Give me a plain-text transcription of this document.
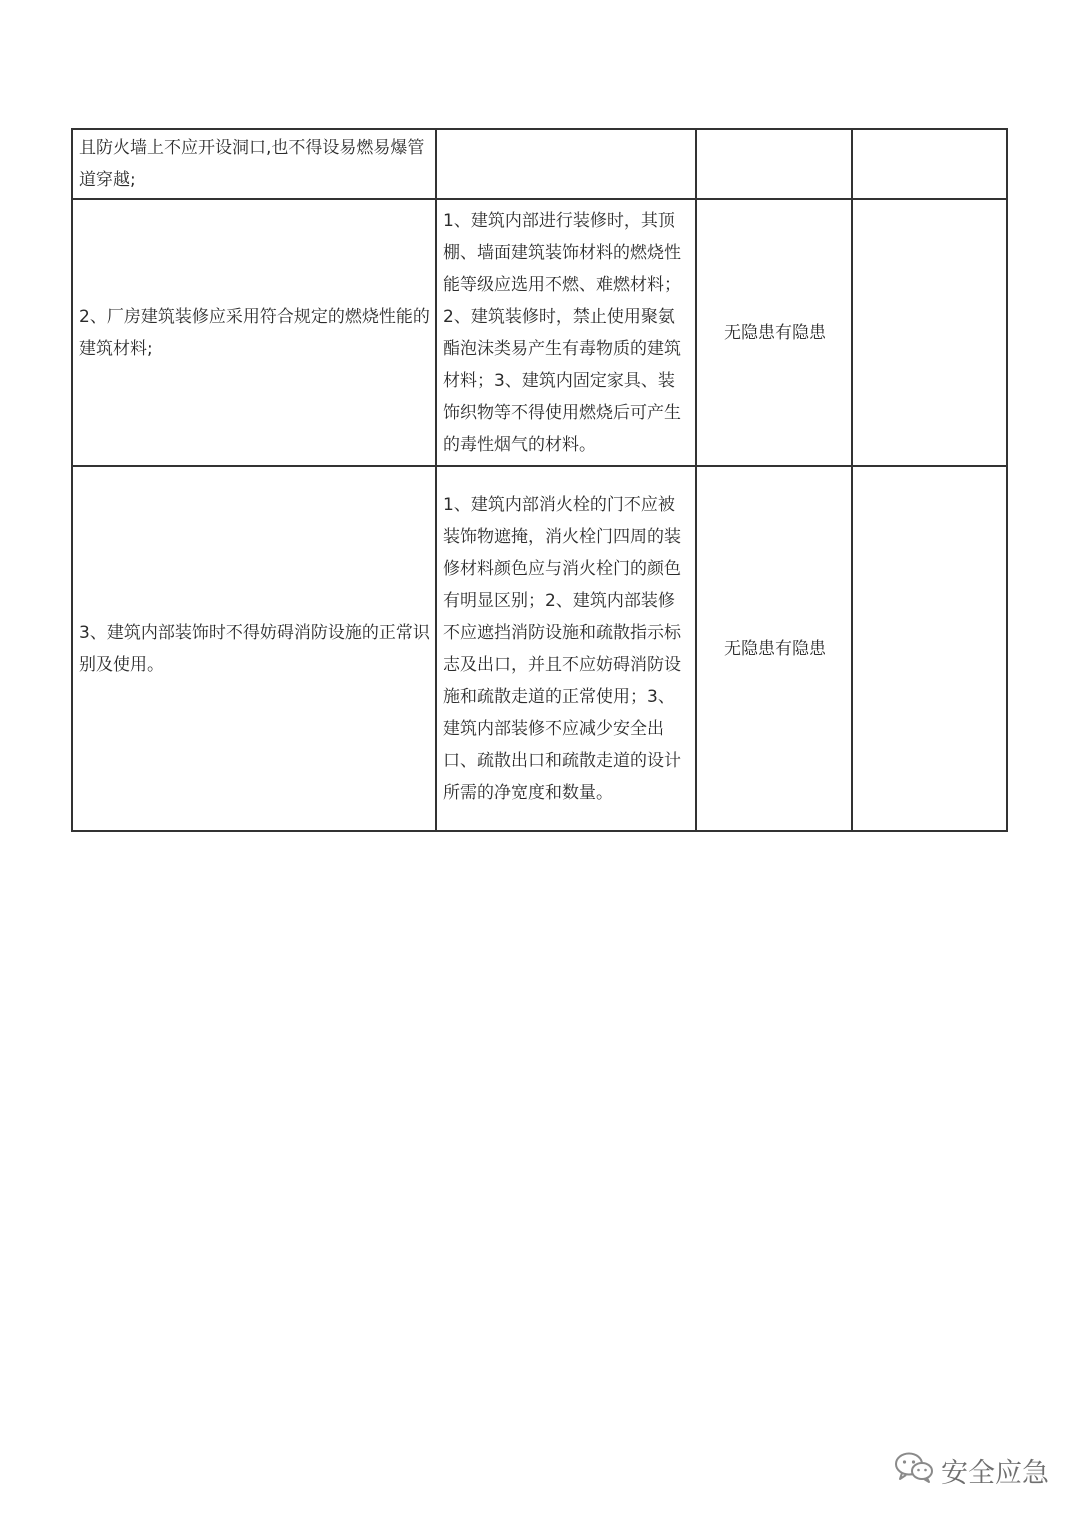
且防火墙上不应开设洞口,也不得设易燃易爆管道穿越;			
2、厂房建筑装修应采用符合规定的燃烧性能的建筑材料;	1、建筑内部进行装修时，其顶棚、墙面建筑装饰材料的燃烧性能等级应选用不燃、难燃材料；2、建筑装修时，禁止使用聚氨酯泡沫类易产生有毒物质的建筑材料；3、建筑内固定家具、装饰织物等不得使用燃烧后可产生的毒性烟气的材料。	无隐患有隐患	
3、建筑内部装饰时不得妨碍消防设施的正常识别及使用。	1、建筑内部消火栓的门不应被装饰物遮掩，消火栓门四周的装修材料颜色应与消火栓门的颜色有明显区别；2、建筑内部装修不应遮挡消防设施和疏散指示标志及出口，并且不应妨碍消防设施和疏散走道的正常使用；3、建筑内部装修不应减少安全出口、疏散出口和疏散走道的设计所需的净宽度和数量。	无隐患有隐患	
安全应急
